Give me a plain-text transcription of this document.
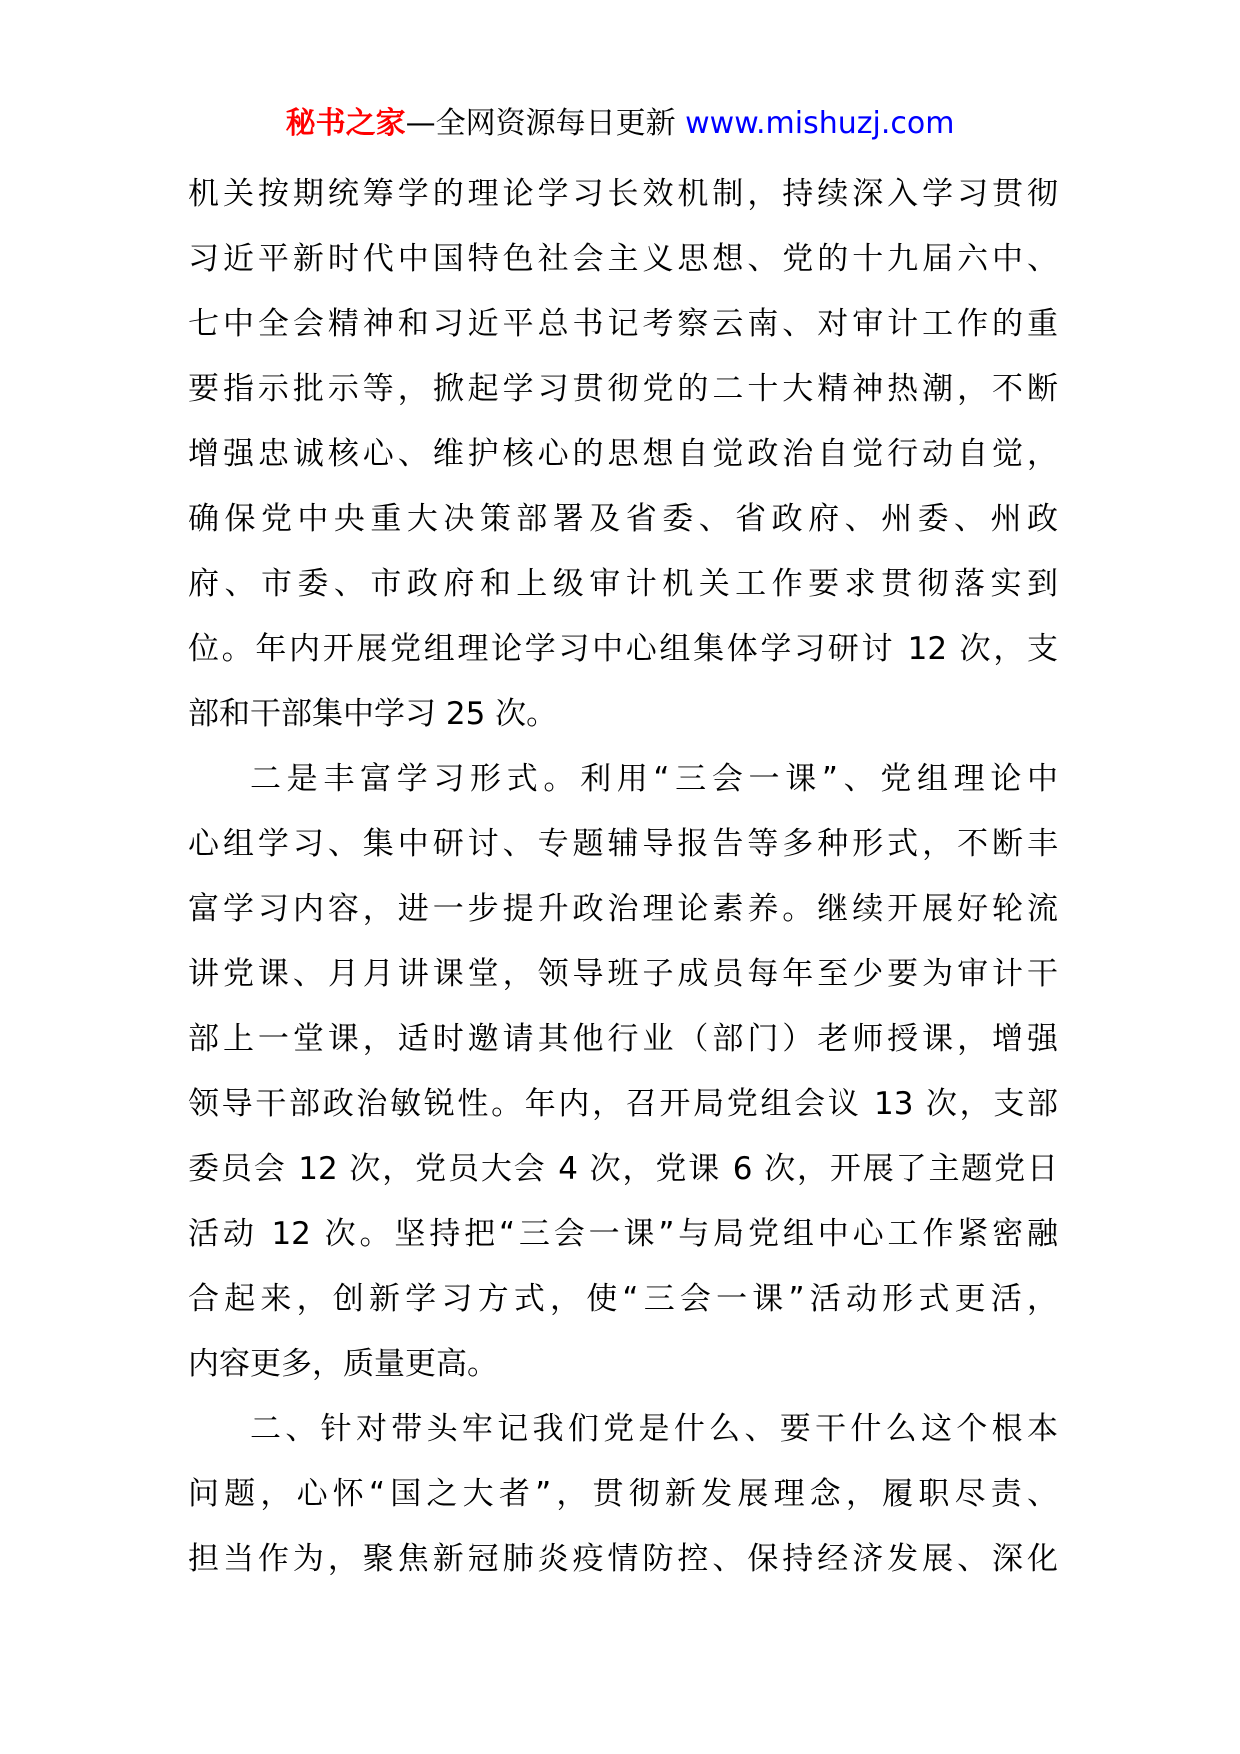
秘书之家—全网资源每日更新 www.mishuzj.com
机关按期统筹学的理论学习长效机制，持续深入学习贯彻
习近平新时代中国特色社会主义思想、党的十九届六中、
七中全会精神和习近平总书记考察云南、对审计工作的重
要指示批示等，掀起学习贯彻党的二十大精神热潮，不断
增强忠诚核心、维护核心的思想自觉政治自觉行动自觉，
确保党中央重大决策部署及省委、省政府、州委、州政
府、市委、市政府和上级审计机关工作要求贯彻落实到
位。年内开展党组理论学习中心组集体学习研讨 12 次，支
部和干部集中学习 25 次。
二是丰富学习形式。利用“三会一课”、党组理论中
心组学习、集中研讨、专题辅导报告等多种形式，不断丰
富学习内容，进一步提升政治理论素养。继续开展好轮流
讲党课、月月讲课堂，领导班子成员每年至少要为审计干
部上一堂课，适时邀请其他行业（部门）老师授课，增强
领导干部政治敏锐性。年内，召开局党组会议 13 次，支部
委员会 12 次，党员大会 4 次，党课 6 次，开展了主题党日
活动 12 次。坚持把“三会一课”与局党组中心工作紧密融
合起来，创新学习方式，使“三会一课”活动形式更活，
内容更多，质量更高。
二、针对带头牢记我们党是什么、要干什么这个根本
问题，心怀“国之大者”，贯彻新发展理念，履职尽责、
担当作为，聚焦新冠肺炎疫情防控、保持经济发展、深化
